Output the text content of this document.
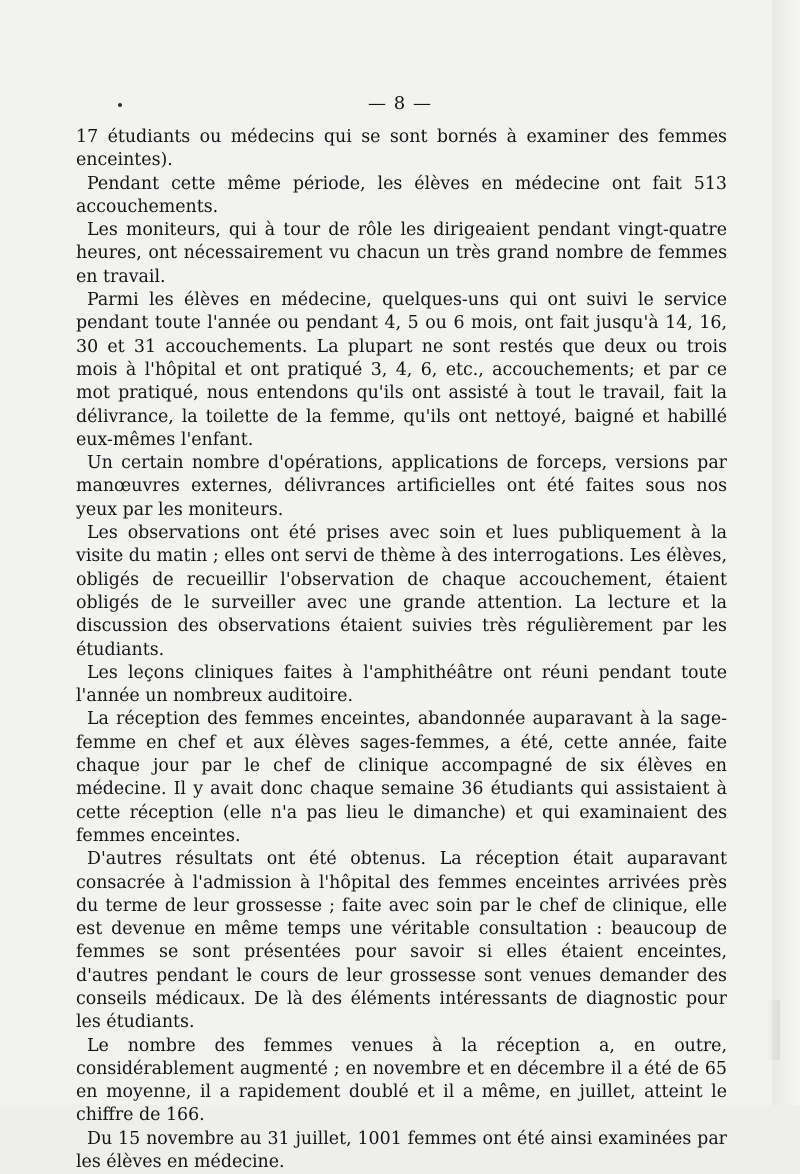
— 8 —

17 étudiants ou médecins qui se sont bornés à examiner des femmes enceintes).

Pendant cette même période, les élèves en médecine ont fait 513 accouchements.

Les moniteurs, qui à tour de rôle les dirigeaient pendant vingt-quatre heures, ont nécessairement vu chacun un très grand nombre de femmes en travail.

Parmi les élèves en médecine, quelques-uns qui ont suivi le service pendant toute l'année ou pendant 4, 5 ou 6 mois, ont fait jusqu'à 14, 16, 30 et 31 accouchements. La plupart ne sont restés que deux ou trois mois à l'hôpital et ont pratiqué 3, 4, 6, etc., accouchements; et par ce mot pratiqué, nous entendons qu'ils ont assisté à tout le travail, fait la délivrance, la toilette de la femme, qu'ils ont nettoyé, baigné et habillé eux-mêmes l'enfant.

Un certain nombre d'opérations, applications de forceps, versions par manœuvres externes, délivrances artificielles ont été faites sous nos yeux par les moniteurs.

Les observations ont été prises avec soin et lues publiquement à la visite du matin ; elles ont servi de thème à des interrogations. Les élèves, obligés de recueillir l'observation de chaque accouchement, étaient obligés de le surveiller avec une grande attention. La lecture et la discussion des observations étaient suivies très régulièrement par les étudiants.

Les leçons cliniques faites à l'amphithéâtre ont réuni pendant toute l'année un nombreux auditoire.

La réception des femmes enceintes, abandonnée auparavant à la sage-femme en chef et aux élèves sages-femmes, a été, cette année, faite chaque jour par le chef de clinique accompagné de six élèves en médecine. Il y avait donc chaque semaine 36 étudiants qui assistaient à cette réception (elle n'a pas lieu le dimanche) et qui examinaient des femmes enceintes.

D'autres résultats ont été obtenus. La réception était auparavant consacrée à l'admission à l'hôpital des femmes enceintes arrivées près du terme de leur grossesse ; faite avec soin par le chef de clinique, elle est devenue en même temps une véritable consultation : beaucoup de femmes se sont présentées pour savoir si elles étaient enceintes, d'autres pendant le cours de leur grossesse sont venues demander des conseils médicaux. De là des éléments intéressants de diagnostic pour les étudiants.

Le nombre des femmes venues à la réception a, en outre, considérablement augmenté ; en novembre et en décembre il a été de 65 en moyenne, il a rapidement doublé et il a même, en juillet, atteint le chiffre de 166.

Du 15 novembre au 31 juillet, 1001 femmes ont été ainsi examinées par les élèves en médecine.
